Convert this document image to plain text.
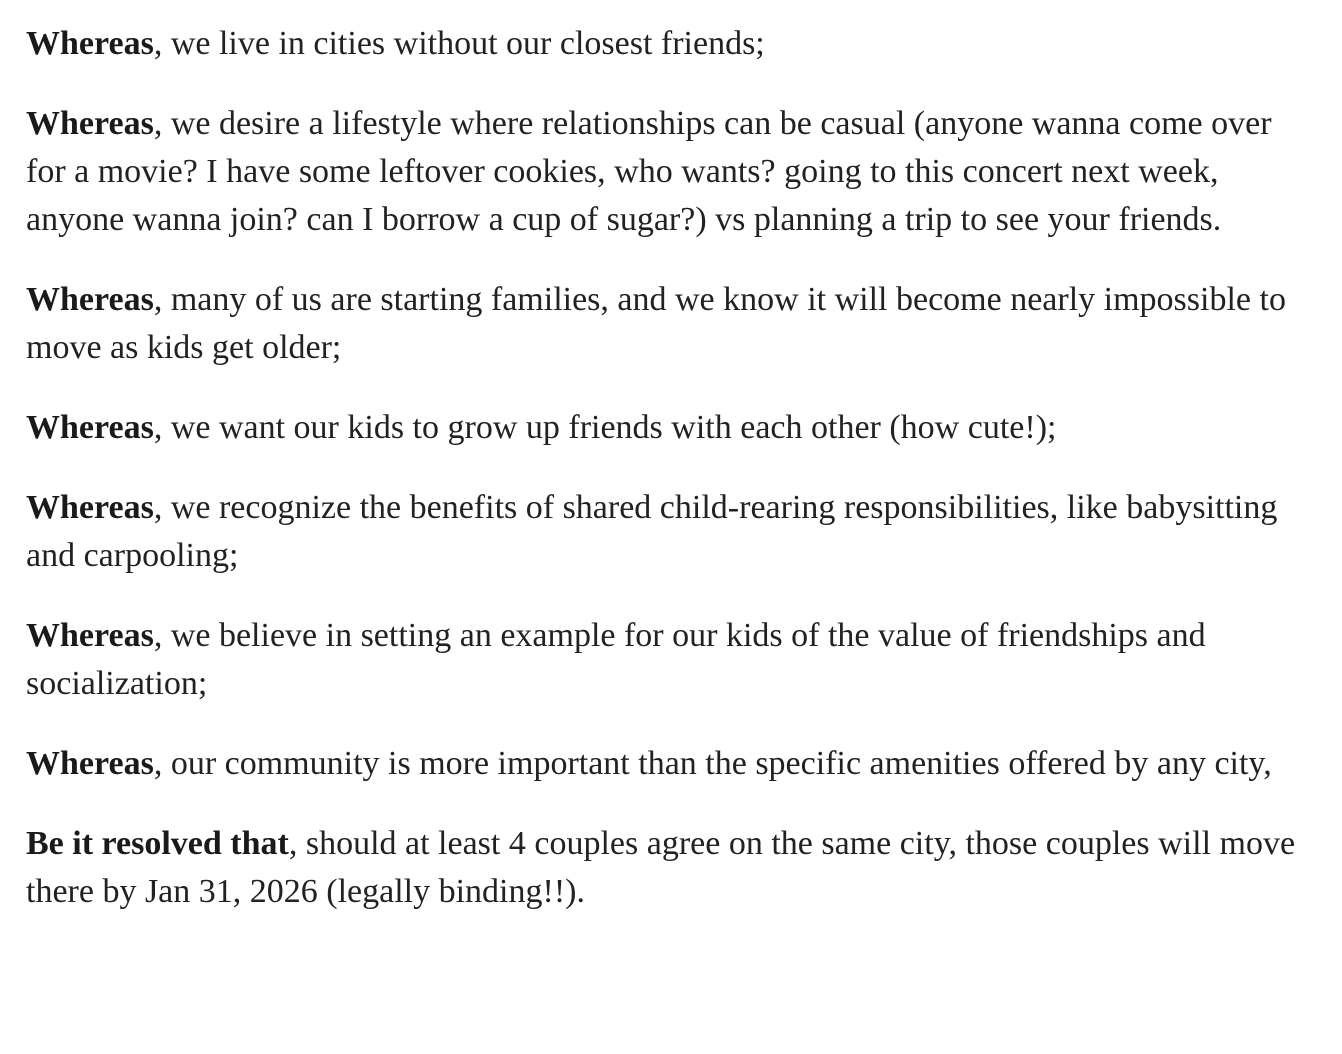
Whereas, we live in cities without our closest friends;

Whereas, we desire a lifestyle where relationships can be casual (anyone wanna come over for a movie? I have some leftover cookies, who wants? going to this concert next week, anyone wanna join? can I borrow a cup of sugar?) vs planning a trip to see your friends.

Whereas, many of us are starting families, and we know it will become nearly impossible to move as kids get older;

Whereas, we want our kids to grow up friends with each other (how cute!);

Whereas, we recognize the benefits of shared child-rearing responsibilities, like babysitting and carpooling;

Whereas, we believe in setting an example for our kids of the value of friendships and socialization;

Whereas, our community is more important than the specific amenities offered by any city,

Be it resolved that, should at least 4 couples agree on the same city, those couples will move there by Jan 31, 2026 (legally binding!!).
